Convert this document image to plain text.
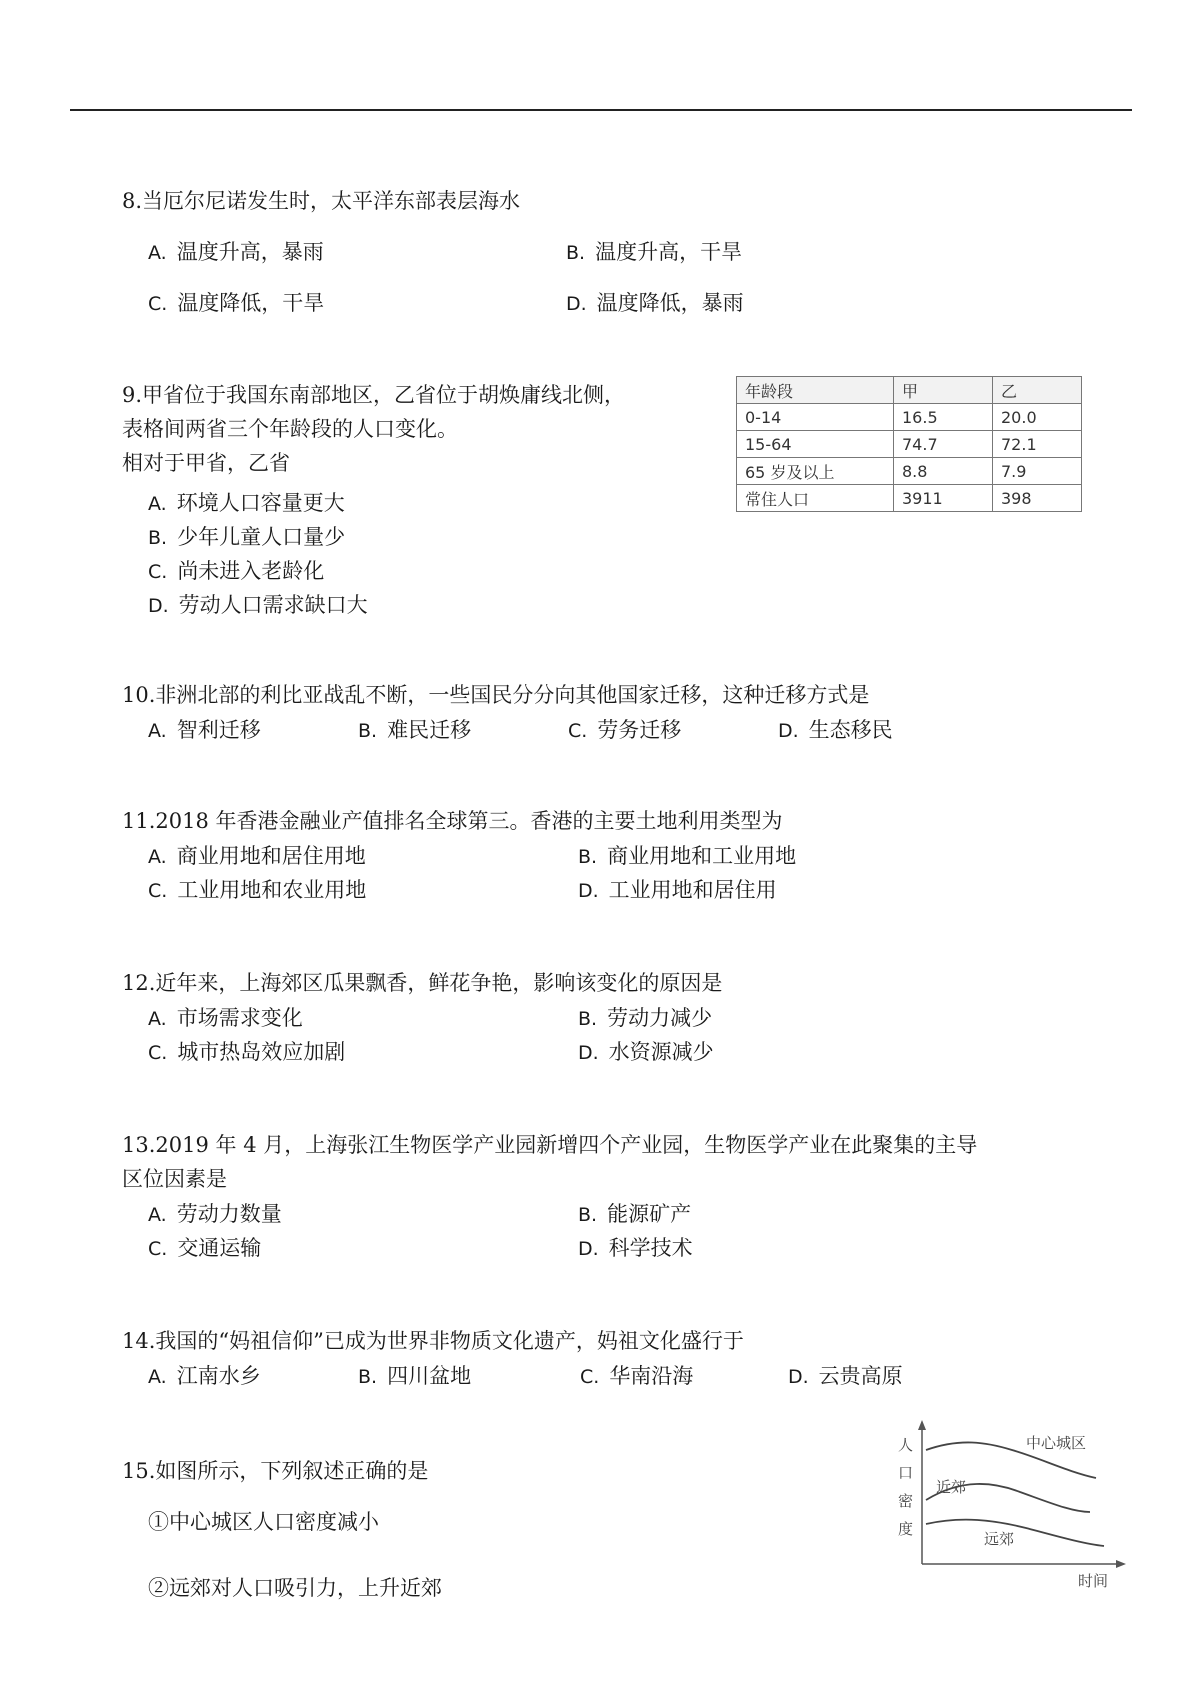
8.当厄尔尼诺发生时，太平洋东部表层海水
A. 温度升高，暴雨	B. 温度升高，干旱
C. 温度降低，干旱	D. 温度降低，暴雨
9.甲省位于我国东南部地区，乙省位于胡焕庸线北侧，
表格间两省三个年龄段的人口变化。
相对于甲省，乙省
A. 环境人口容量更大
B. 少年儿童人口量少
C. 尚未进入老龄化
D. 劳动人口需求缺口大
年龄段	甲	乙
0-14	16.5	20.0
15-64	74.7	72.1
65 岁及以上	8.8	7.9
常住人口	3911	398
10.非洲北部的利比亚战乱不断，一些国民分分向其他国家迁移，这种迁移方式是
A. 智利迁移	B. 难民迁移	C. 劳务迁移	D. 生态移民
11.2018 年香港金融业产值排名全球第三。香港的主要土地利用类型为
A. 商业用地和居住用地	B. 商业用地和工业用地
C. 工业用地和农业用地	D. 工业用地和居住用
12.近年来，上海郊区瓜果飘香，鲜花争艳，影响该变化的原因是
A. 市场需求变化	B. 劳动力减少
C. 城市热岛效应加剧	D. 水资源减少
13.2019 年 4 月，上海张江生物医学产业园新增四个产业园，生物医学产业在此聚集的主导
区位因素是
A. 劳动力数量	B. 能源矿产
C. 交通运输	D. 科学技术
14.我国的“妈祖信仰”已成为世界非物质文化遗产，妈祖文化盛行于
A. 江南水乡	B. 四川盆地	C. 华南沿海	D. 云贵高原
15.如图所示，下列叙述正确的是
①中心城区人口密度减小
②远郊对人口吸引力，上升近郊
中心城区
近郊
远郊
人
口
密
度
时间
